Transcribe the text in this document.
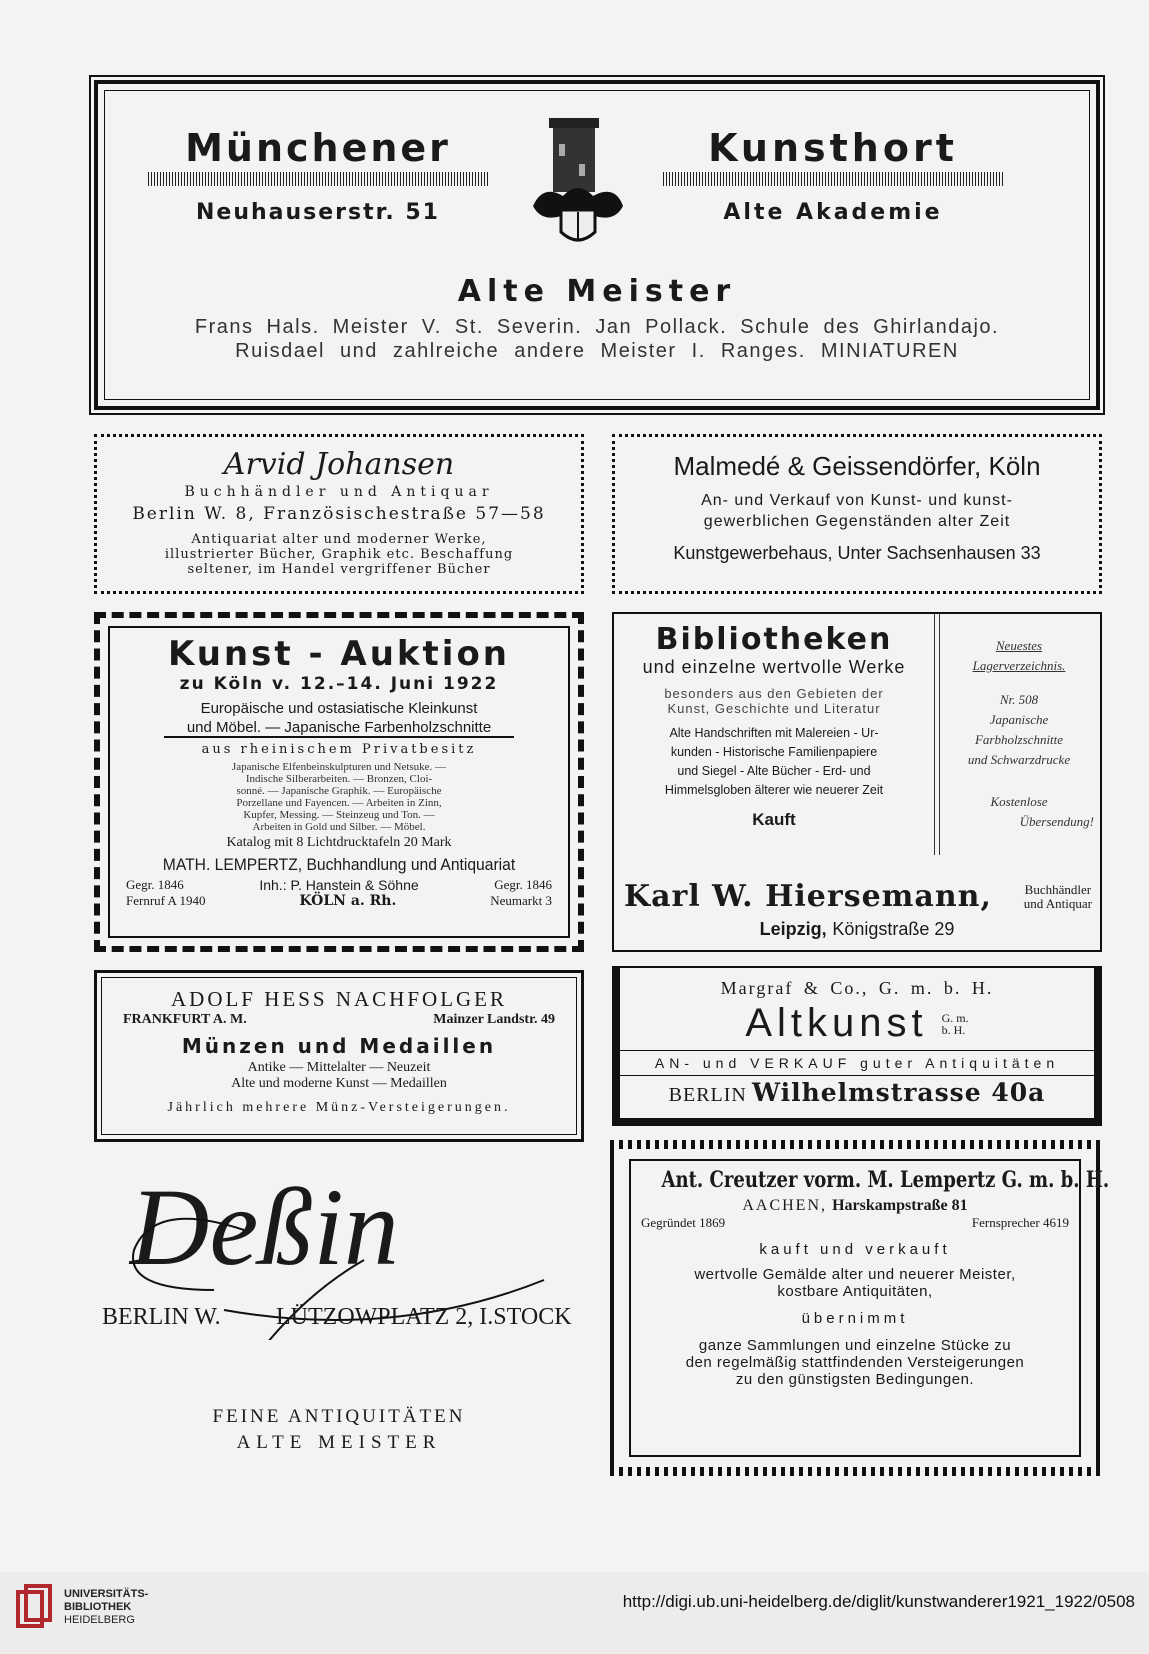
Münchener
Neuhauserstr. 51
Kunsthort
Alte Akademie
Alte Meister
Frans Hals. Meister V. St. Severin. Jan Pollack. Schule des Ghirlandajo.
Ruisdael und zahlreiche andere Meister I. Ranges. MINIATUREN
Arvid Johansen
Buchhändler und Antiquar
Berlin W. 8, Französischestraße 57—58
Antiquariat alter und moderner Werke,
illustrierter Bücher, Graphik etc. Beschaffung
seltener, im Handel vergriffener Bücher
Malmedé & Geissendörfer, Köln
An- und Verkauf von Kunst- und kunst-
gewerblichen Gegenständen alter Zeit
Kunstgewerbehaus, Unter Sachsenhausen 33
Kunst - Auktion
zu Köln v. 12.–14. Juni 1922
Europäische und ostasiatische Kleinkunst
und Möbel. — Japanische Farbenholzschnitte
aus rheinischem Privatbesitz
Japanische Elfenbeinskulpturen und Netsuke. —
Indische Silberarbeiten. — Bronzen, Cloi-
sonné. — Japanische Graphik. — Europäische
Porzellane und Fayencen. — Arbeiten in Zinn,
Kupfer, Messing. — Steinzeug und Ton. —
Arbeiten in Gold und Silber. — Möbel.
Katalog mit 8 Lichtdrucktafeln 20 Mark
MATH. LEMPERTZ, Buchhandlung und Antiquariat
Gegr. 1846	Inh.: P. Hanstein & Söhne	Gegr. 1846
Fernruf A 1940	KÖLN a. Rh.	Neumarkt 3
Bibliotheken
und einzelne wertvolle Werke
besonders aus den Gebieten der
Kunst, Geschichte und Literatur
Alte Handschriften mit Malereien - Ur-
kunden - Historische Familienpapiere
und Siegel - Alte Bücher - Erd- und
Himmelsgloben älterer wie neuerer Zeit
Kauft
Neuestes
Lagerverzeichnis.
Nr. 508
Japanische
Farbholzschnitte
und Schwarzdrucke
Kostenlose
Übersendung!
Karl W. Hiersemann,	Buchhändler
und Antiquar
Leipzig, Königstraße 29
ADOLF HESS NACHFOLGER
FRANKFURT A. M.	Mainzer Landstr. 49
Münzen und Medaillen
Antike — Mittelalter — Neuzeit
Alte und moderne Kunst — Medaillen
Jährlich mehrere Münz-Versteigerungen.
Margraf & Co., G. m. b. H.
Altkunst G. m.
b. H.
AN- und VERKAUF guter Antiquitäten
BERLIN Wilhelmstrasse 40a
Deßin
BERLIN W. LÜTZOWPLATZ 2, I.STOCK
FEINE ANTIQUITÄTEN
ALTE MEISTER
Ant. Creutzer vorm. M. Lempertz G. m. b. H.
AACHEN, Harskampstraße 81
Gegründet 1869	Fernsprecher 4619
kauft und verkauft
wertvolle Gemälde alter und neuerer Meister,
kostbare Antiquitäten,
übernimmt
ganze Sammlungen und einzelne Stücke zu
den regelmäßig stattfindenden Versteigerungen
zu den günstigsten Bedingungen.
UNIVERSITÄTS-
BIBLIOTHEK
HEIDELBERG
http://digi.ub.uni-heidelberg.de/diglit/kunstwanderer1921_1922/0508
